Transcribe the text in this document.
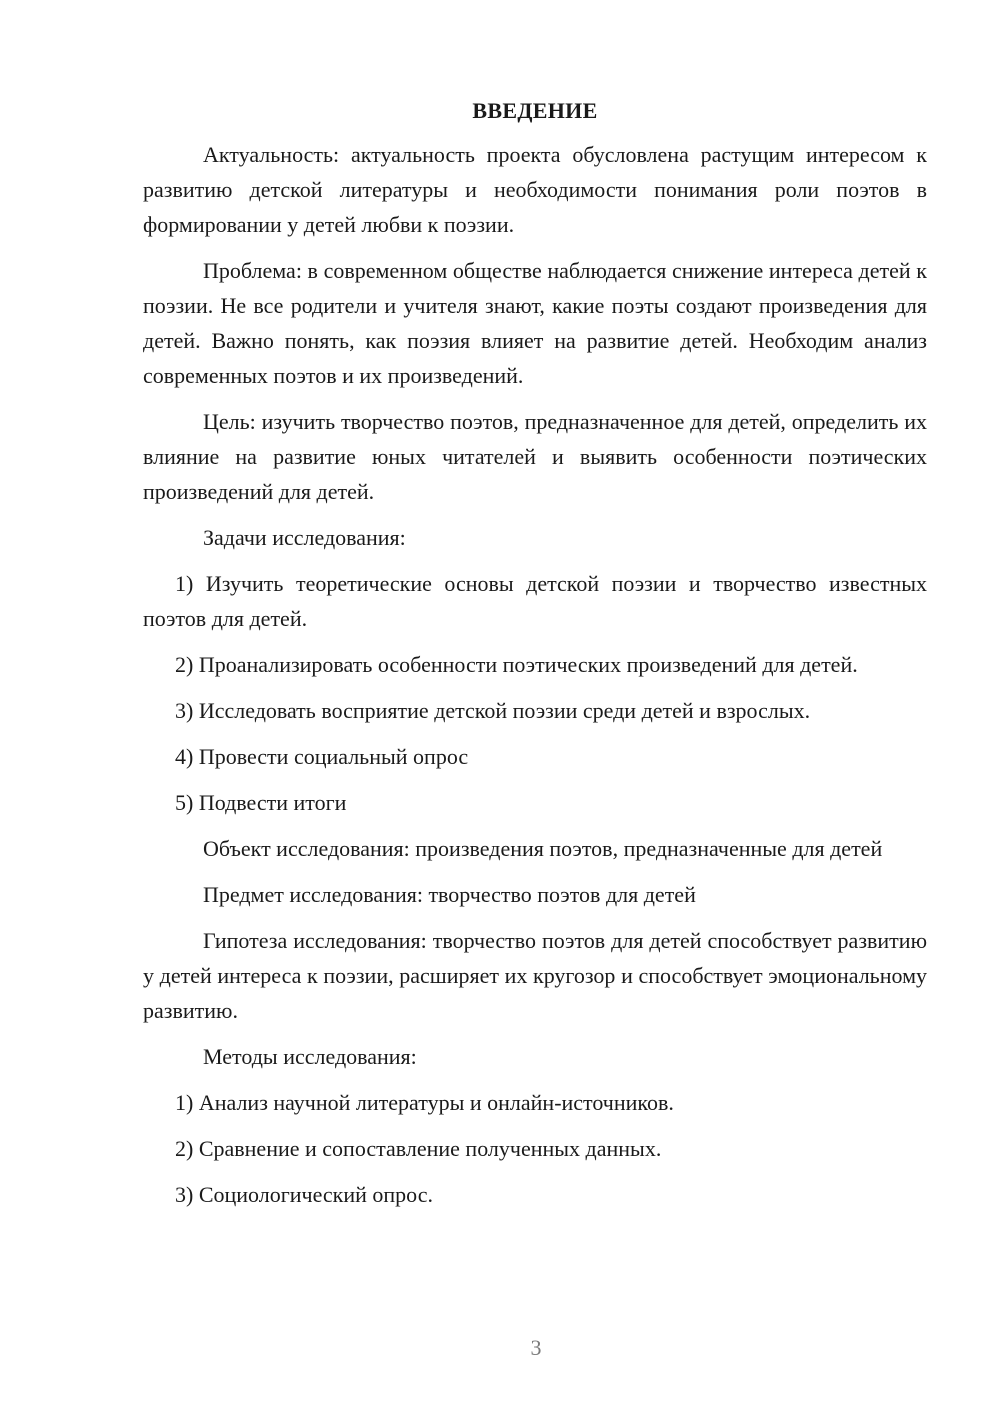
ВВЕДЕНИЕ

Актуальность: актуальность проекта обусловлена растущим интересом к развитию детской литературы и необходимости понимания роли поэтов в формировании у детей любви к поэзии.

Проблема: в современном обществе наблюдается снижение интереса детей к поэзии. Не все родители и учителя знают, какие поэты создают произведения для детей. Важно понять, как поэзия влияет на развитие детей. Необходим анализ современных поэтов и их произведений.

Цель: изучить творчество поэтов, предназначенное для детей, определить их влияние на развитие юных читателей и выявить особенности поэтических произведений для детей.

Задачи исследования:

1) Изучить теоретические основы детской поэзии и творчество известных поэтов для детей.

2) Проанализировать особенности поэтических произведений для детей.

3) Исследовать восприятие детской поэзии среди детей и взрослых.

4) Провести социальный опрос

5) Подвести итоги

Объект исследования: произведения поэтов, предназначенные для детей

Предмет исследования: творчество поэтов для детей

Гипотеза исследования: творчество поэтов для детей способствует развитию у детей интереса к поэзии, расширяет их кругозор и способствует эмоциональному развитию.

Методы исследования:

1) Анализ научной литературы и онлайн-источников.

2) Сравнение и сопоставление полученных данных.

3) Социологический опрос.

3
